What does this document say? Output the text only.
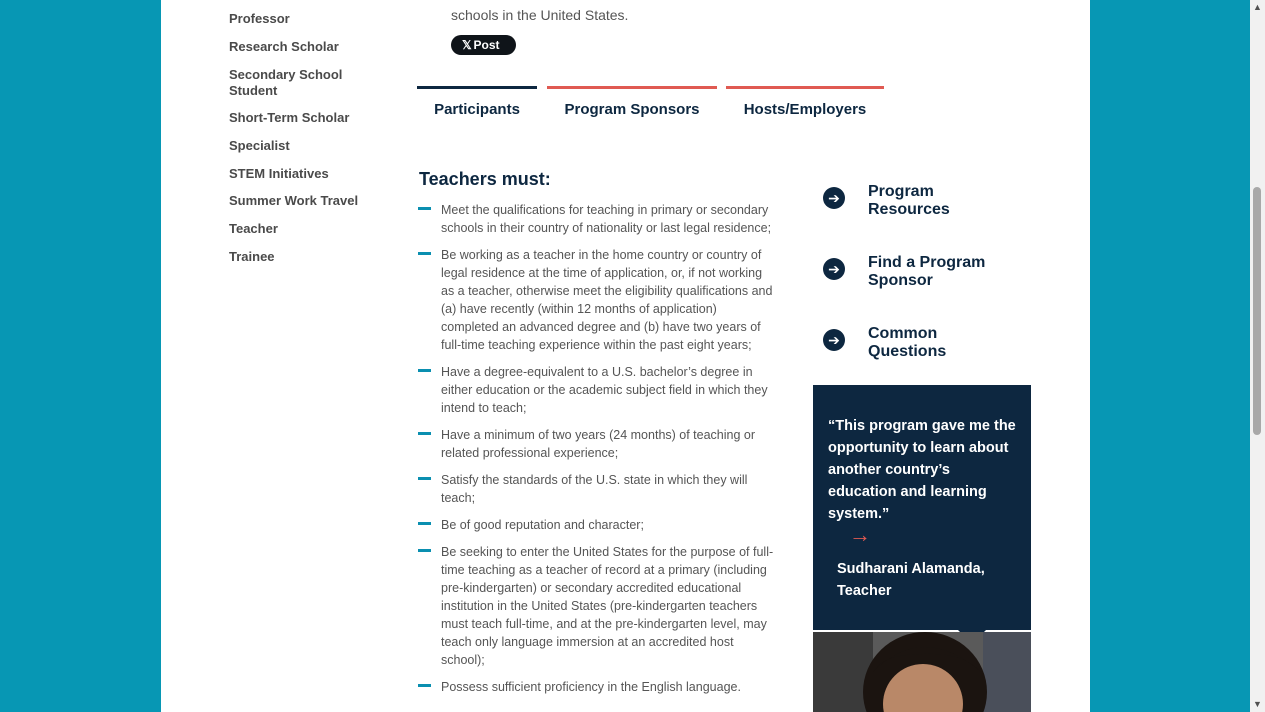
Professor
Research Scholar
Secondary School Student
Short-Term Scholar
Specialist
STEM Initiatives
Summer Work Travel
Teacher
Trainee
schools in the United States.
𝕏 Post
Participants	Program Sponsors	Hosts/Employers
Teachers must:
Meet the qualifications for teaching in primary or secondary schools in their country of nationality or last legal residence;
Be working as a teacher in the home country or country of legal residence at the time of application, or, if not working as a teacher, otherwise meet the eligibility qualifications and (a) have recently (within 12 months of application) completed an advanced degree and (b) have two years of full-time teaching experience within the past eight years;
Have a degree-equivalent to a U.S. bachelor’s degree in either education or the academic subject field in which they intend to teach;
Have a minimum of two years (24 months) of teaching or related professional experience;
Satisfy the standards of the U.S. state in which they will teach;
Be of good reputation and character;
Be seeking to enter the United States for the purpose of full-time teaching as a teacher of record at a primary (including pre-kindergarten) or secondary accredited educational institution in the United States (pre-kindergarten teachers must teach full-time, and at the pre-kindergarten level, may teach only language immersion at an accredited host school);
Possess sufficient proficiency in the English language.
➔	Program Resources
➔	Find a Program Sponsor
➔	Common Questions
“This program gave me the opportunity to learn about another country’s education and learning system.”
→
Sudharani Alamanda, Teacher
▲
▼
